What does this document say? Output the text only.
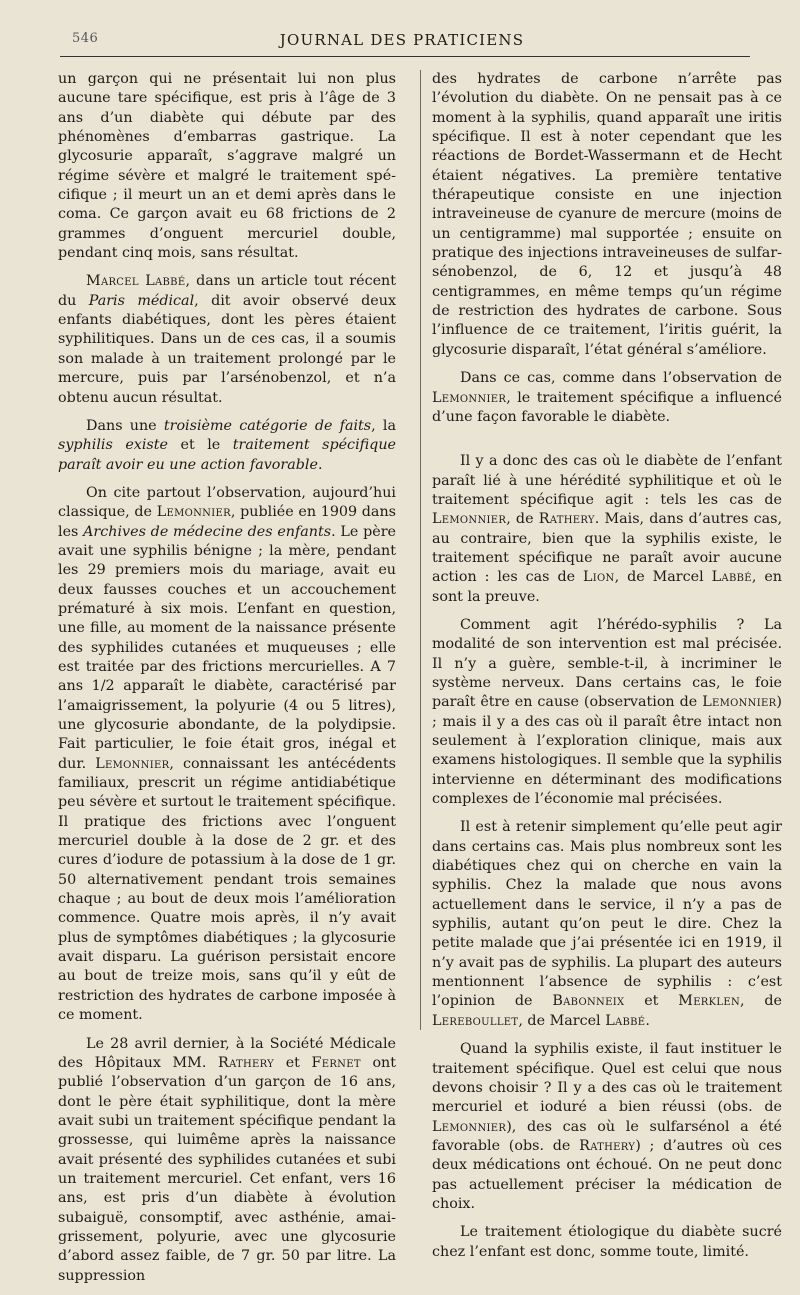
546	JOURNAL DES PRATICIENS

un garçon qui ne présentait lui non plus aucune tare spécifique, est pris à l’âge de 3 ans d’un diabète qui débute par des phénomènes d’embarras gastrique. La glycosurie apparaît, s’aggrave malgré un régime sévère et malgré le traitement spécifique ; il meurt un an et demi après dans le coma. Ce garçon avait eu 68 frictions de 2 grammes d’onguent mercuriel double, pendant cinq mois, sans résultat.

Marcel Labbé, dans un article tout récent du Paris médical, dit avoir observé deux enfants diabétiques, dont les pères étaient syphilitiques. Dans un de ces cas, il a soumis son malade à un traitement prolongé par le mercure, puis par l’arsénobenzol, et n’a obtenu aucun résultat.

Dans une troisième catégorie de faits, la syphilis existe et le traitement spécifique paraît avoir eu une action favorable.

On cite partout l’observation, aujourd’hui classique, de Lemonnier, publiée en 1909 dans les Archives de médecine des enfants. Le père avait une syphilis bénigne ; la mère, pendant les 29 premiers mois du mariage, avait eu deux fausses couches et un accouchement prématuré à six mois. L’enfant en question, une fille, au moment de la naissance présente des syphilides cutanées et muqueuses ; elle est traitée par des frictions mercurielles. A 7 ans 1/2 apparaît le diabète, caractérisé par l’amaigrissement, la polyurie (4 ou 5 litres), une glycosurie abondante, de la polydipsie. Fait particulier, le foie était gros, inégal et dur. Lemonnier, connaissant les antécédents familiaux, prescrit un régime antidiabétique peu sévère et surtout le traitement spécifique. Il pratique des frictions avec l’onguent mercuriel double à la dose de 2 gr. et des cures d’iodure de potassium à la dose de 1 gr. 50 alternativement pendant trois semaines chaque ; au bout de deux mois l’amélioration commence. Quatre mois après, il n’y avait plus de symptômes diabétiques ; la glycosurie avait disparu. La guérison persistait encore au bout de treize mois, sans qu’il y eût de restriction des hydrates de carbone imposée à ce moment.

Le 28 avril dernier, à la Société Médicale des Hôpitaux MM. Rathery et Fernet ont publié l’observation d’un garçon de 16 ans, dont le père était syphilitique, dont la mère avait subi un traitement spécifique pendant la grossesse, qui luimême après la naissance avait présenté des syphilides cutanées et subi un traitement mercuriel. Cet enfant, vers 16 ans, est pris d’un diabète à évolution subaiguë, consomptif, avec asthénie, amaigrissement, polyurie, avec une glycosurie d’abord assez faible, de 7 gr. 50 par litre. La suppression

des hydrates de carbone n’arrête pas l’évolution du diabète. On ne pensait pas à ce moment à la syphilis, quand apparaît une iritis spécifique. Il est à noter cependant que les réactions de Bordet-Wassermann et de Hecht étaient négatives. La première tentative thérapeutique consiste en une injection intraveineuse de cyanure de mercure (moins de un centigramme) mal supportée ; ensuite on pratique des injections intraveineuses de sulfarsénobenzol, de 6, 12 et jusqu’à 48 centigrammes, en même temps qu’un régime de restriction des hydrates de carbone. Sous l’influence de ce traitement, l’iritis guérit, la glycosurie disparaît, l’état général s’améliore.

Dans ce cas, comme dans l’observation de Lemonnier, le traitement spécifique a influencé d’une façon favorable le diabète.

Il y a donc des cas où le diabète de l’enfant paraît lié à une hérédité syphilitique et où le traitement spécifique agit : tels les cas de Lemonnier, de Rathery. Mais, dans d’autres cas, au contraire, bien que la syphilis existe, le traitement spécifique ne paraît avoir aucune action : les cas de Lion, de Marcel Labbé, en sont la preuve.

Comment agit l’hérédo-syphilis ? La modalité de son intervention est mal précisée. Il n’y a guère, semble-t-il, à incriminer le système nerveux. Dans certains cas, le foie paraît être en cause (observation de Lemonnier) ; mais il y a des cas où il paraît être intact non seulement à l’exploration clinique, mais aux examens histologiques. Il semble que la syphilis intervienne en déterminant des modifications complexes de l’économie mal précisées.

Il est à retenir simplement qu’elle peut agir dans certains cas. Mais plus nombreux sont les diabétiques chez qui on cherche en vain la syphilis. Chez la malade que nous avons actuellement dans le service, il n’y a pas de syphilis, autant qu’on peut le dire. Chez la petite malade que j’ai présentée ici en 1919, il n’y avait pas de syphilis. La plupart des auteurs mentionnent l’absence de syphilis : c’est l’opinion de Babonneix et Merklen, de Lereboullet, de Marcel Labbé.

Quand la syphilis existe, il faut instituer le traitement spécifique. Quel est celui que nous devons choisir ? Il y a des cas où le traitement mercuriel et ioduré a bien réussi (obs. de Lemonnier), des cas où le sulfarsénol a été favorable (obs. de Rathery) ; d’autres où ces deux médications ont échoué. On ne peut donc pas actuellement préciser la médication de choix.

Le traitement étiologique du diabète sucré chez l’enfant est donc, somme toute, limité.
